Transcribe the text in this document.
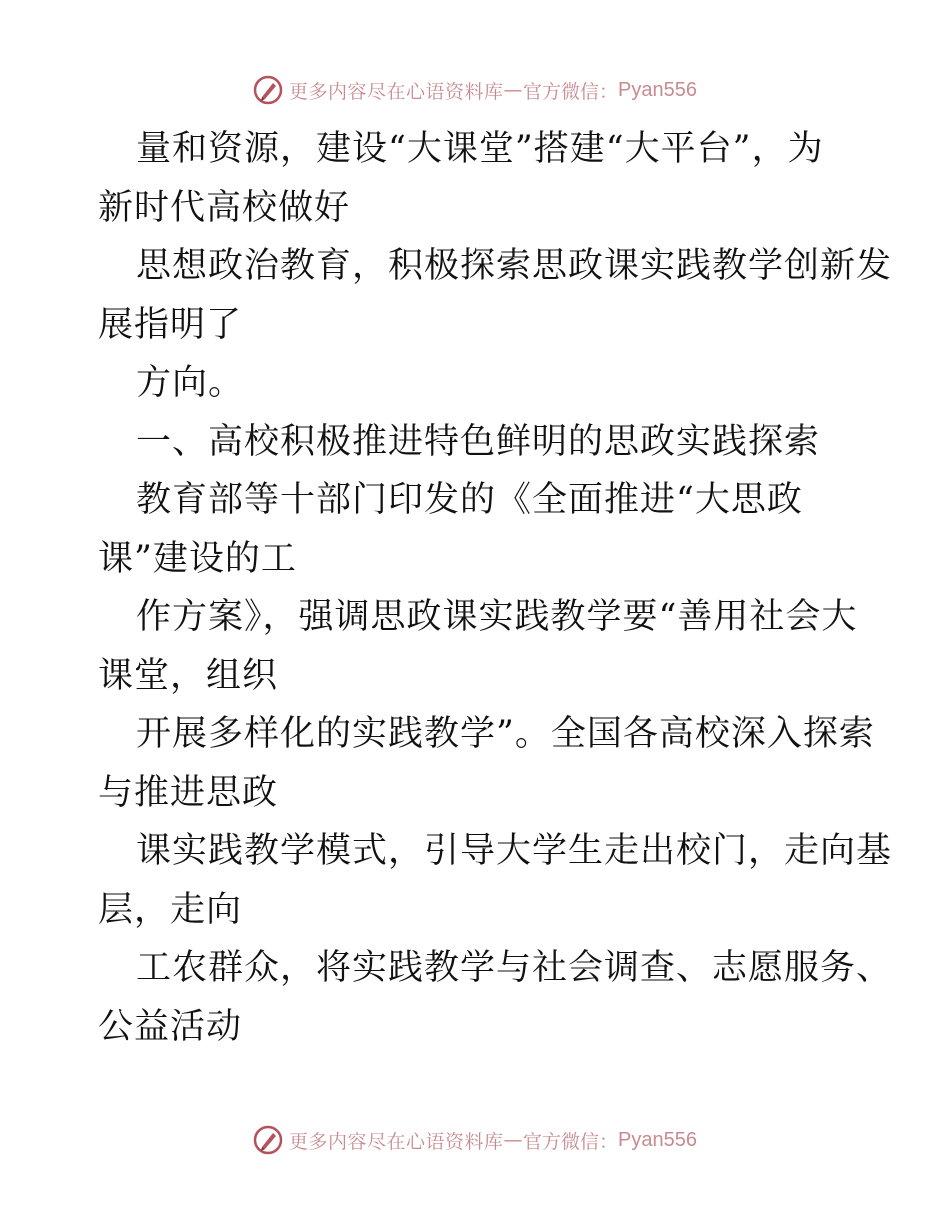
更多内容尽在心语资料库 — 官方微信： Pyan556
量和资源，建设“大课堂”搭建“大平台”，为
新时代高校做好
思想政治教育，积极探索思政课实践教学创新发
展指明了
方向。
一、高校积极推进特色鲜明的思政实践探索
教育部等十部门印发的《全面推进“大思政
课”建设的工
作方案》，强调思政课实践教学要“善用社会大
课堂，组织
开展多样化的实践教学”。全国各高校深入探索
与推进思政
课实践教学模式，引导大学生走出校门，走向基
层，走向
工农群众，将实践教学与社会调查、志愿服务、
公益活动
更多内容尽在心语资料库 — 官方微信： Pyan556
